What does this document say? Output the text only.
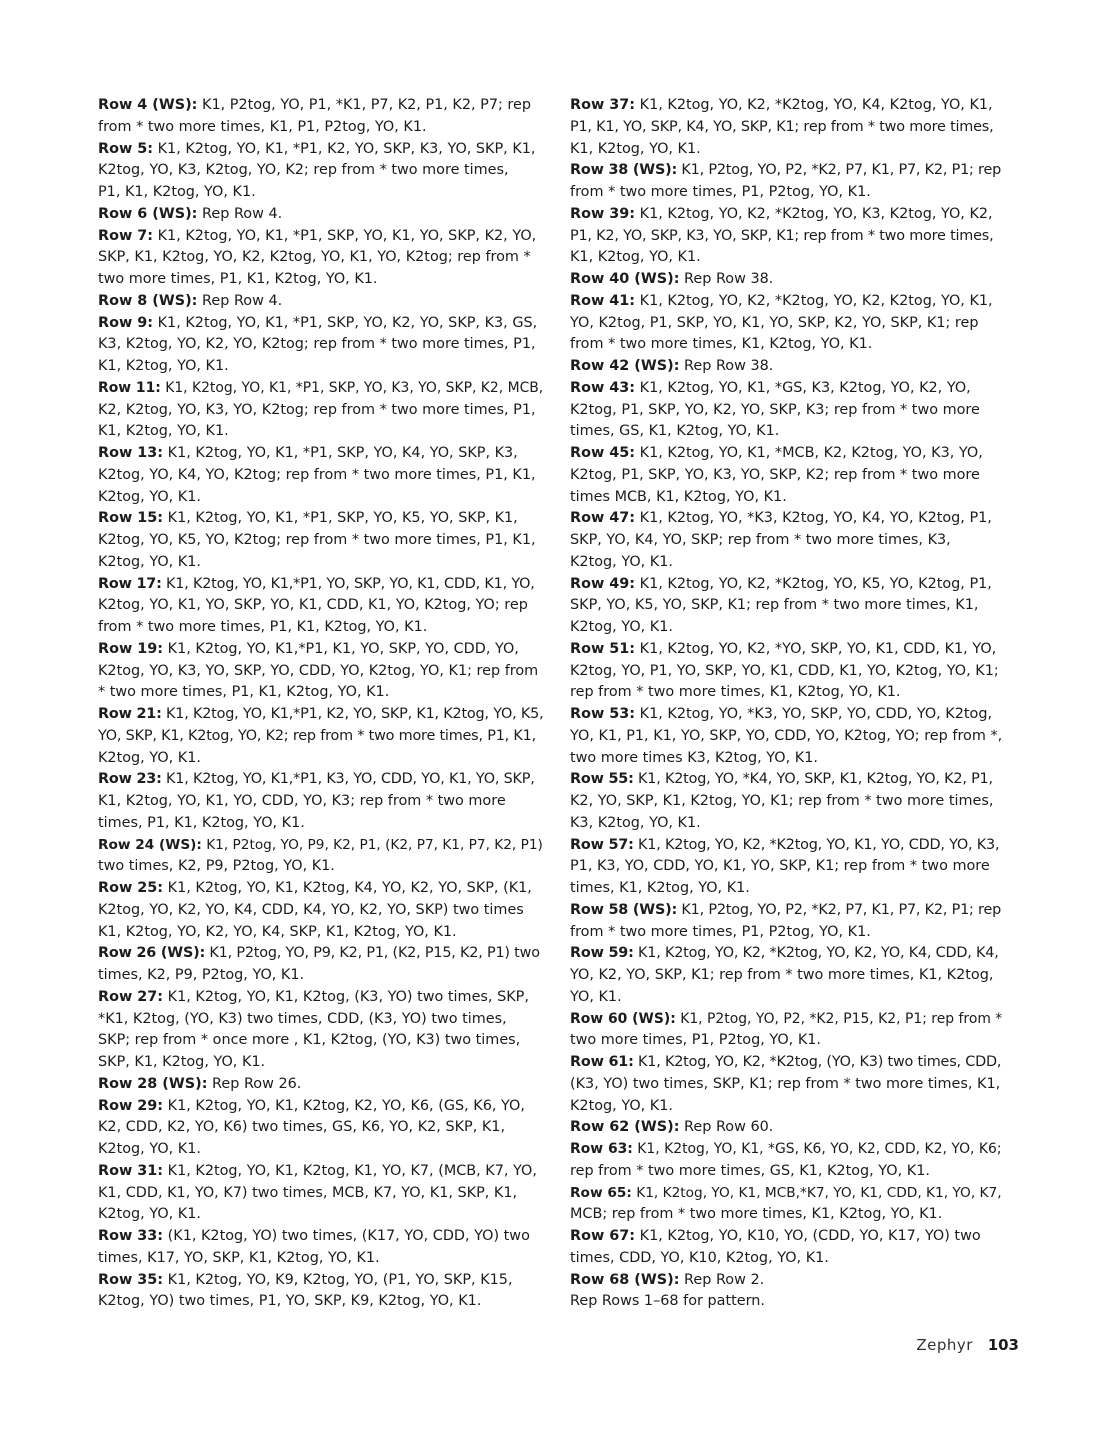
Row 4 (WS): K1, P2tog, YO, P1, *K1, P7, K2, P1, K2, P7; rep
from * two more times, K1, P1, P2tog, YO, K1.
Row 5: K1, K2tog, YO, K1, *P1, K2, YO, SKP, K3, YO, SKP, K1,
K2tog, YO, K3, K2tog, YO, K2; rep from * two more times,
P1, K1, K2tog, YO, K1.
Row 6 (WS): Rep Row 4.
Row 7: K1, K2tog, YO, K1, *P1, SKP, YO, K1, YO, SKP, K2, YO,
SKP, K1, K2tog, YO, K2, K2tog, YO, K1, YO, K2tog; rep from *
two more times, P1, K1, K2tog, YO, K1.
Row 8 (WS): Rep Row 4.
Row 9: K1, K2tog, YO, K1, *P1, SKP, YO, K2, YO, SKP, K3, GS,
K3, K2tog, YO, K2, YO, K2tog; rep from * two more times, P1,
K1, K2tog, YO, K1.
Row 11: K1, K2tog, YO, K1, *P1, SKP, YO, K3, YO, SKP, K2, MCB,
K2, K2tog, YO, K3, YO, K2tog; rep from * two more times, P1,
K1, K2tog, YO, K1.
Row 13: K1, K2tog, YO, K1, *P1, SKP, YO, K4, YO, SKP, K3,
K2tog, YO, K4, YO, K2tog; rep from * two more times, P1, K1,
K2tog, YO, K1.
Row 15: K1, K2tog, YO, K1, *P1, SKP, YO, K5, YO, SKP, K1,
K2tog, YO, K5, YO, K2tog; rep from * two more times, P1, K1,
K2tog, YO, K1.
Row 17: K1, K2tog, YO, K1,*P1, YO, SKP, YO, K1, CDD, K1, YO,
K2tog, YO, K1, YO, SKP, YO, K1, CDD, K1, YO, K2tog, YO; rep
from * two more times, P1, K1, K2tog, YO, K1.
Row 19: K1, K2tog, YO, K1,*P1, K1, YO, SKP, YO, CDD, YO,
K2tog, YO, K3, YO, SKP, YO, CDD, YO, K2tog, YO, K1; rep from
* two more times, P1, K1, K2tog, YO, K1.
Row 21: K1, K2tog, YO, K1,*P1, K2, YO, SKP, K1, K2tog, YO, K5,
YO, SKP, K1, K2tog, YO, K2; rep from * two more times, P1, K1,
K2tog, YO, K1.
Row 23: K1, K2tog, YO, K1,*P1, K3, YO, CDD, YO, K1, YO, SKP,
K1, K2tog, YO, K1, YO, CDD, YO, K3; rep from * two more
times, P1, K1, K2tog, YO, K1.
Row 24 (WS): K1, P2tog, YO, P9, K2, P1, (K2, P7, K1, P7, K2, P1)
two times, K2, P9, P2tog, YO, K1.
Row 25: K1, K2tog, YO, K1, K2tog, K4, YO, K2, YO, SKP, (K1,
K2tog, YO, K2, YO, K4, CDD, K4, YO, K2, YO, SKP) two times
K1, K2tog, YO, K2, YO, K4, SKP, K1, K2tog, YO, K1.
Row 26 (WS): K1, P2tog, YO, P9, K2, P1, (K2, P15, K2, P1) two
times, K2, P9, P2tog, YO, K1.
Row 27: K1, K2tog, YO, K1, K2tog, (K3, YO) two times, SKP,
*K1, K2tog, (YO, K3) two times, CDD, (K3, YO) two times,
SKP; rep from * once more , K1, K2tog, (YO, K3) two times,
SKP, K1, K2tog, YO, K1.
Row 28 (WS): Rep Row 26.
Row 29: K1, K2tog, YO, K1, K2tog, K2, YO, K6, (GS, K6, YO,
K2, CDD, K2, YO, K6) two times, GS, K6, YO, K2, SKP, K1,
K2tog, YO, K1.
Row 31: K1, K2tog, YO, K1, K2tog, K1, YO, K7, (MCB, K7, YO,
K1, CDD, K1, YO, K7) two times, MCB, K7, YO, K1, SKP, K1,
K2tog, YO, K1.
Row 33: (K1, K2tog, YO) two times, (K17, YO, CDD, YO) two
times, K17, YO, SKP, K1, K2tog, YO, K1.
Row 35: K1, K2tog, YO, K9, K2tog, YO, (P1, YO, SKP, K15,
K2tog, YO) two times, P1, YO, SKP, K9, K2tog, YO, K1.
Row 37: K1, K2tog, YO, K2, *K2tog, YO, K4, K2tog, YO, K1,
P1, K1, YO, SKP, K4, YO, SKP, K1; rep from * two more times,
K1, K2tog, YO, K1.
Row 38 (WS): K1, P2tog, YO, P2, *K2, P7, K1, P7, K2, P1; rep
from * two more times, P1, P2tog, YO, K1.
Row 39: K1, K2tog, YO, K2, *K2tog, YO, K3, K2tog, YO, K2,
P1, K2, YO, SKP, K3, YO, SKP, K1; rep from * two more times,
K1, K2tog, YO, K1.
Row 40 (WS): Rep Row 38.
Row 41: K1, K2tog, YO, K2, *K2tog, YO, K2, K2tog, YO, K1,
YO, K2tog, P1, SKP, YO, K1, YO, SKP, K2, YO, SKP, K1; rep
from * two more times, K1, K2tog, YO, K1.
Row 42 (WS): Rep Row 38.
Row 43: K1, K2tog, YO, K1, *GS, K3, K2tog, YO, K2, YO,
K2tog, P1, SKP, YO, K2, YO, SKP, K3; rep from * two more
times, GS, K1, K2tog, YO, K1.
Row 45: K1, K2tog, YO, K1, *MCB, K2, K2tog, YO, K3, YO,
K2tog, P1, SKP, YO, K3, YO, SKP, K2; rep from * two more
times MCB, K1, K2tog, YO, K1.
Row 47: K1, K2tog, YO, *K3, K2tog, YO, K4, YO, K2tog, P1,
SKP, YO, K4, YO, SKP; rep from * two more times, K3,
K2tog, YO, K1.
Row 49: K1, K2tog, YO, K2, *K2tog, YO, K5, YO, K2tog, P1,
SKP, YO, K5, YO, SKP, K1; rep from * two more times, K1,
K2tog, YO, K1.
Row 51: K1, K2tog, YO, K2, *YO, SKP, YO, K1, CDD, K1, YO,
K2tog, YO, P1, YO, SKP, YO, K1, CDD, K1, YO, K2tog, YO, K1;
rep from * two more times, K1, K2tog, YO, K1.
Row 53: K1, K2tog, YO, *K3, YO, SKP, YO, CDD, YO, K2tog,
YO, K1, P1, K1, YO, SKP, YO, CDD, YO, K2tog, YO; rep from *,
two more times K3, K2tog, YO, K1.
Row 55: K1, K2tog, YO, *K4, YO, SKP, K1, K2tog, YO, K2, P1,
K2, YO, SKP, K1, K2tog, YO, K1; rep from * two more times,
K3, K2tog, YO, K1.
Row 57: K1, K2tog, YO, K2, *K2tog, YO, K1, YO, CDD, YO, K3,
P1, K3, YO, CDD, YO, K1, YO, SKP, K1; rep from * two more
times, K1, K2tog, YO, K1.
Row 58 (WS): K1, P2tog, YO, P2, *K2, P7, K1, P7, K2, P1; rep
from * two more times, P1, P2tog, YO, K1.
Row 59: K1, K2tog, YO, K2, *K2tog, YO, K2, YO, K4, CDD, K4,
YO, K2, YO, SKP, K1; rep from * two more times, K1, K2tog,
YO, K1.
Row 60 (WS): K1, P2tog, YO, P2, *K2, P15, K2, P1; rep from *
two more times, P1, P2tog, YO, K1.
Row 61: K1, K2tog, YO, K2, *K2tog, (YO, K3) two times, CDD,
(K3, YO) two times, SKP, K1; rep from * two more times, K1,
K2tog, YO, K1.
Row 62 (WS): Rep Row 60.
Row 63: K1, K2tog, YO, K1, *GS, K6, YO, K2, CDD, K2, YO, K6;
rep from * two more times, GS, K1, K2tog, YO, K1.
Row 65: K1, K2tog, YO, K1, MCB,*K7, YO, K1, CDD, K1, YO, K7,
MCB; rep from * two more times, K1, K2tog, YO, K1.
Row 67: K1, K2tog, YO, K10, YO, (CDD, YO, K17, YO) two
times, CDD, YO, K10, K2tog, YO, K1.
Row 68 (WS): Rep Row 2.
Rep Rows 1–68 for pattern.
Zephyr 103
